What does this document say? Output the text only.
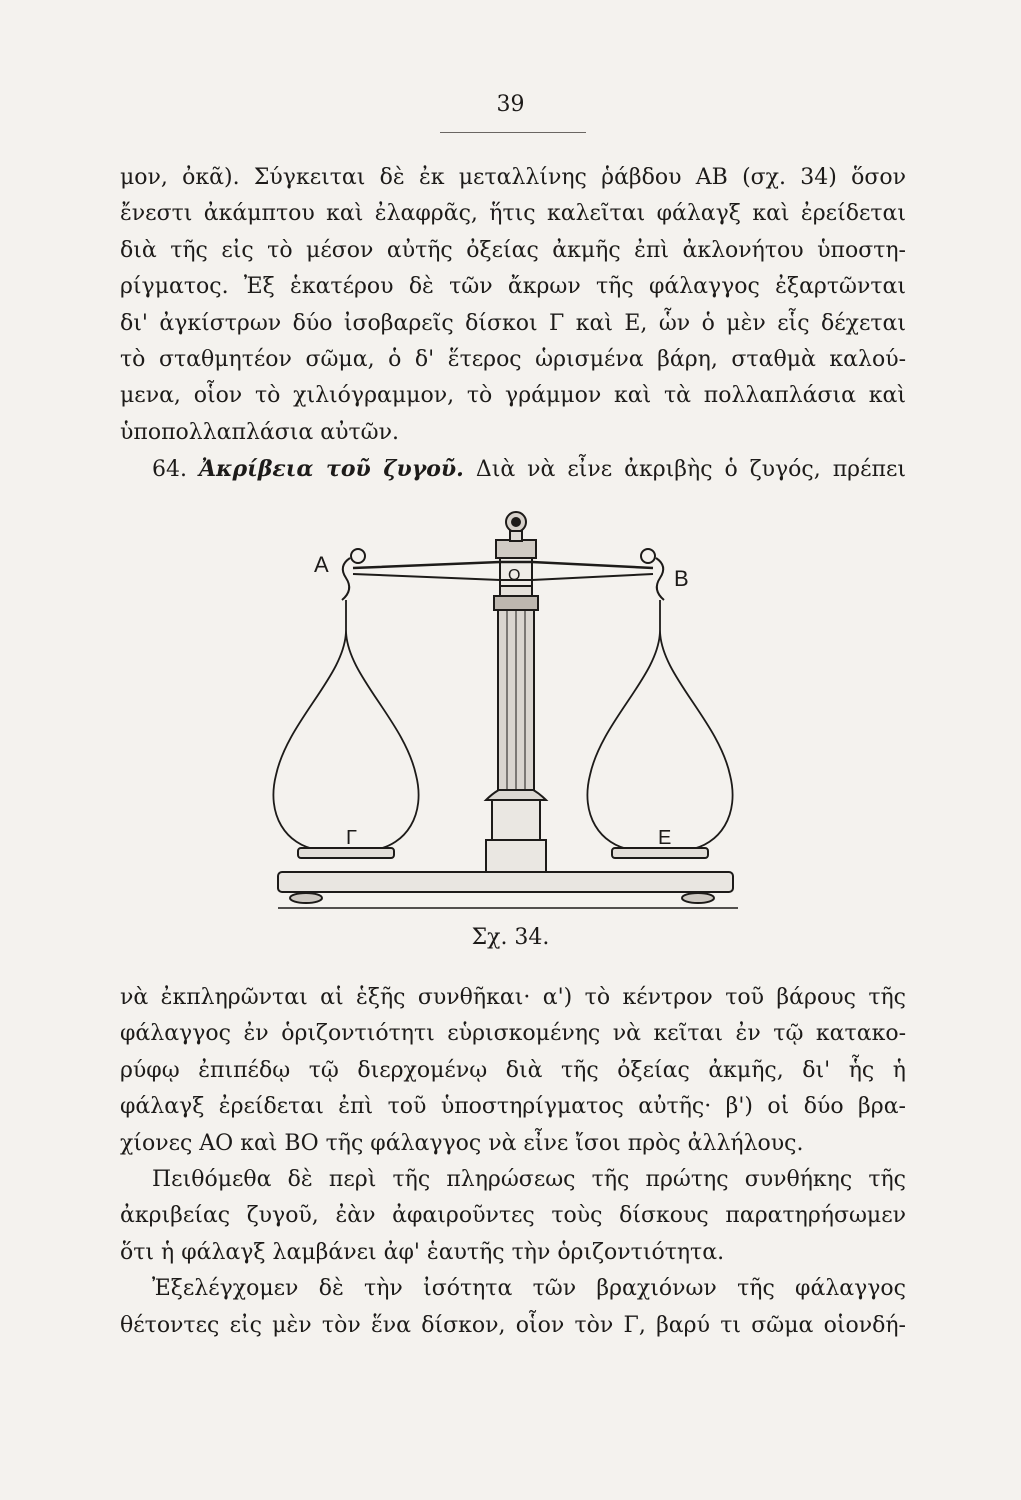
39
μον, ὀκᾶ). Σύγκειται δὲ ἐκ μεταλλίνης ῥάβδου ΑΒ (σχ. 34) ὅσον
ἔνεστι ἀκάμπτου καὶ ἐλαφρᾶς, ἥτις καλεῖται φάλαγξ καὶ ἐρείδεται
διὰ τῆς εἰς τὸ μέσον αὐτῆς ὀξείας ἀκμῆς ἐπὶ ἀκλονήτου ὑποστη-
ρίγματος. Ἐξ ἑκατέρου δὲ τῶν ἄκρων τῆς φάλαγγος ἐξαρτῶνται
δι' ἀγκίστρων δύο ἰσοβαρεῖς δίσκοι Γ καὶ Ε, ὧν ὁ μὲν εἷς δέχεται
τὸ σταθμητέον σῶμα, ὁ δ' ἕτερος ὡρισμένα βάρη, σταθμὰ καλού-
μενα, οἷον τὸ χιλιόγραμμον, τὸ γράμμον καὶ τὰ πολλαπλάσια καὶ
ὑποπολλαπλάσια αὐτῶν.
64. Ἀκρίβεια τοῦ ζυγοῦ. Διὰ νὰ εἶνε ἀκριβὴς ὁ ζυγός, πρέπει
Α
Β
Ο
Γ	Ε
Σχ. 34.
νὰ ἐκπληρῶνται αἱ ἑξῆς συνθῆκαι· α') τὸ κέντρον τοῦ βάρους τῆς
φάλαγγος ἐν ὁριζοντιότητι εὑρισκομένης νὰ κεῖται ἐν τῷ κατακο-
ρύφῳ ἐπιπέδῳ τῷ διερχομένῳ διὰ τῆς ὀξείας ἀκμῆς, δι' ἧς ἡ
φάλαγξ ἐρείδεται ἐπὶ τοῦ ὑποστηρίγματος αὐτῆς· β') οἱ δύο βρα-
χίονες ΑΟ καὶ ΒΟ τῆς φάλαγγος νὰ εἶνε ἴσοι πρὸς ἀλλήλους.
Πειθόμεθα δὲ περὶ τῆς πληρώσεως τῆς πρώτης συνθήκης τῆς
ἀκριβείας ζυγοῦ, ἐὰν ἀφαιροῦντες τοὺς δίσκους παρατηρήσωμεν
ὅτι ἡ φάλαγξ λαμβάνει ἀφ' ἑαυτῆς τὴν ὁριζοντιότητα.
Ἐξελέγχομεν δὲ τὴν ἰσότητα τῶν βραχιόνων τῆς φάλαγγος
θέτοντες εἰς μὲν τὸν ἕνα δίσκον, οἷον τὸν Γ, βαρύ τι σῶμα οἱονδή-
